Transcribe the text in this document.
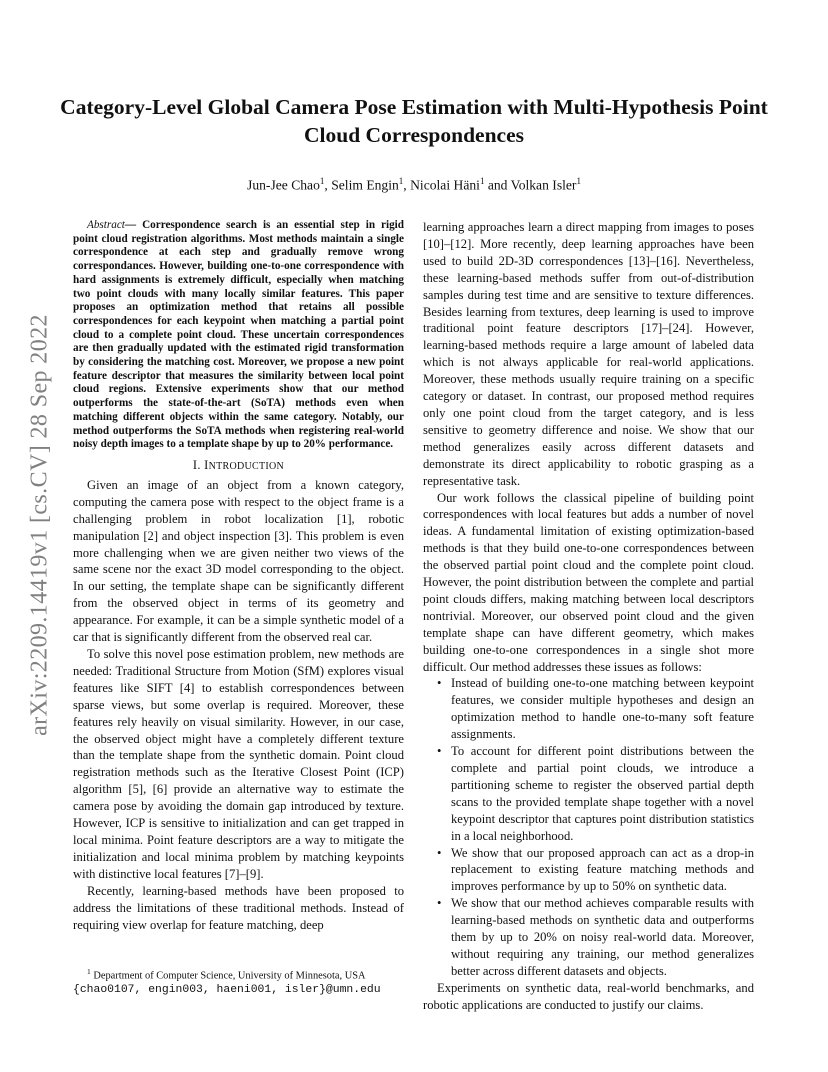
Category-Level Global Camera Pose Estimation with Multi-Hypothesis Point Cloud Correspondences
Jun-Jee Chao$^1$, Selim Engin$^1$, Nicolai Häni$^1$ and Volkan Isler$^1$
arXiv:2209.14419v1 [cs.CV] 28 Sep 2022

Abstract— Correspondence search is an essential step in rigid point cloud registration algorithms. Most methods maintain a single correspondence at each step and gradually remove wrong correspondances. However, building one-to-one correspondence with hard assignments is extremely difficult, especially when matching two point clouds with many locally similar features. This paper proposes an optimization method that retains all possible correspondences for each keypoint when matching a partial point cloud to a complete point cloud. These uncertain correspondences are then gradually updated with the estimated rigid transformation by considering the matching cost. Moreover, we propose a new point feature descriptor that measures the similarity between local point cloud regions. Extensive experiments show that our method outperforms the state-of-the-art (SoTA) methods even when matching different objects within the same category. Notably, our method outperforms the SoTA methods when registering real-world noisy depth images to a template shape by up to 20% performance.

I. INTRODUCTION

Given an image of an object from a known category, computing the camera pose with respect to the object frame is a challenging problem in robot localization [1], robotic manipulation [2] and object inspection [3]. This problem is even more challenging when we are given neither two views of the same scene nor the exact 3D model corresponding to the object. In our setting, the template shape can be significantly different from the observed object in terms of its geometry and appearance. For example, it can be a simple synthetic model of a car that is significantly different from the observed real car.

To solve this novel pose estimation problem, new methods are needed: Traditional Structure from Motion (SfM) explores visual features like SIFT [4] to establish correspondences between sparse views, but some overlap is required. Moreover, these features rely heavily on visual similarity. However, in our case, the observed object might have a completely different texture than the template shape from the synthetic domain. Point cloud registration methods such as the Iterative Closest Point (ICP) algorithm [5], [6] provide an alternative way to estimate the camera pose by avoiding the domain gap introduced by texture. However, ICP is sensitive to initialization and can get trapped in local minima. Point feature descriptors are a way to mitigate the initialization and local minima problem by matching keypoints with distinctive local features [7]–[9].

Recently, learning-based methods have been proposed to address the limitations of these traditional methods. Instead of requiring view overlap for feature matching, deep

$^1$ Department of Computer Science, University of Minnesota, USA
{chao0107, engin003, haeni001, isler}@umn.edu

learning approaches learn a direct mapping from images to poses [10]–[12]. More recently, deep learning approaches have been used to build 2D-3D correspondences [13]–[16]. Nevertheless, these learning-based methods suffer from out-of-distribution samples during test time and are sensitive to texture differences. Besides learning from textures, deep learning is used to improve traditional point feature descriptors [17]–[24]. However, learning-based methods require a large amount of labeled data which is not always applicable for real-world applications. Moreover, these methods usually require training on a specific category or dataset. In contrast, our proposed method requires only one point cloud from the target category, and is less sensitive to geometry difference and noise. We show that our method generalizes easily across different datasets and demonstrate its direct applicability to robotic grasping as a representative task.

Our work follows the classical pipeline of building point correspondences with local features but adds a number of novel ideas. A fundamental limitation of existing optimization-based methods is that they build one-to-one correspondences between the observed partial point cloud and the complete point cloud. However, the point distribution between the complete and partial point clouds differs, making matching between local descriptors nontrivial. Moreover, our observed point cloud and the given template shape can have different geometry, which makes building one-to-one correspondences in a single shot more difficult. Our method addresses these issues as follows:

• Instead of building one-to-one matching between keypoint features, we consider multiple hypotheses and design an optimization method to handle one-to-many soft feature assignments.

• To account for different point distributions between the complete and partial point clouds, we introduce a partitioning scheme to register the observed partial depth scans to the provided template shape together with a novel keypoint descriptor that captures point distribution statistics in a local neighborhood.

• We show that our proposed approach can act as a drop-in replacement to existing feature matching methods and improves performance by up to 50% on synthetic data.

• We show that our method achieves comparable results with learning-based methods on synthetic data and outperforms them by up to 20% on noisy real-world data. Moreover, without requiring any training, our method generalizes better across different datasets and objects.

Experiments on synthetic data, real-world benchmarks, and robotic applications are conducted to justify our claims.
